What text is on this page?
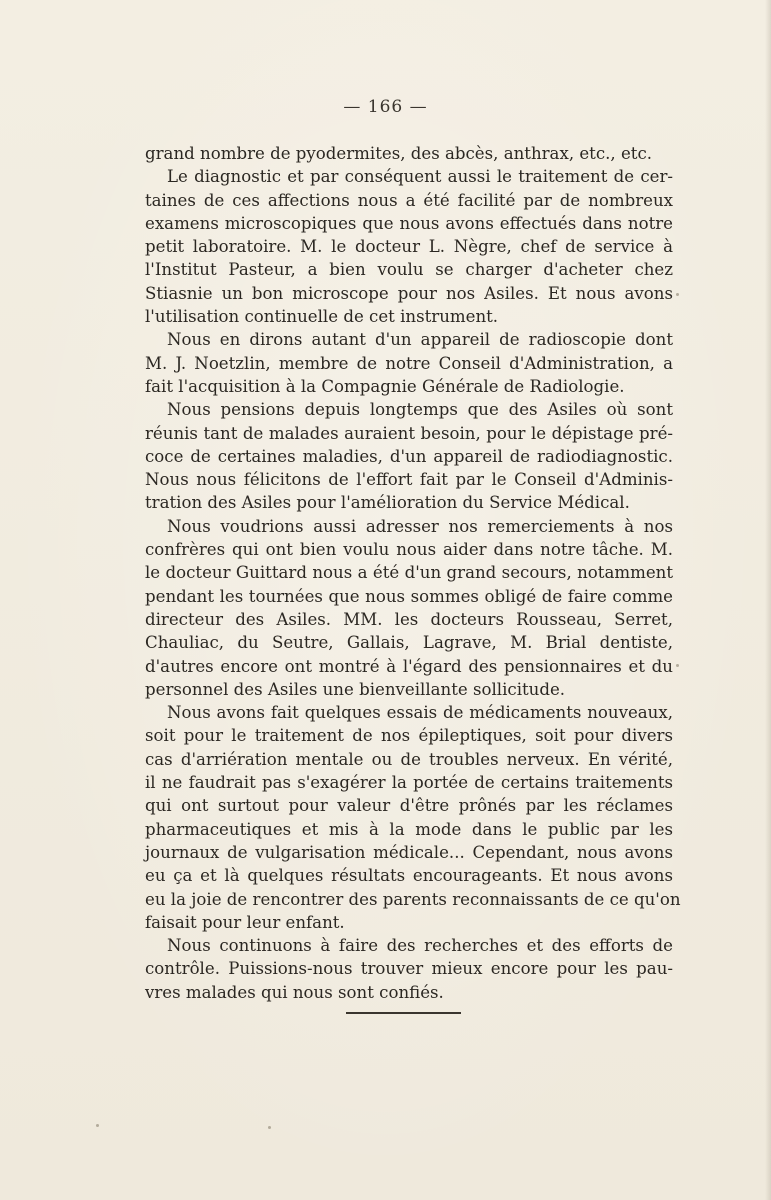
— 166 —
grand nombre de pyodermites, des abcès, anthrax, etc., etc.
Le diagnostic et par conséquent aussi le traitement de cer-
taines de ces affections nous a été facilité par de nombreux
examens microscopiques que nous avons effectués dans notre
petit laboratoire. M. le docteur L. Nègre, chef de service à
l'Institut Pasteur, a bien voulu se charger d'acheter chez
Stiasnie un bon microscope pour nos Asiles. Et nous avons
l'utilisation continuelle de cet instrument.
Nous en dirons autant d'un appareil de radioscopie dont
M. J. Noetzlin, membre de notre Conseil d'Administration, a
fait l'acquisition à la Compagnie Générale de Radiologie.
Nous pensions depuis longtemps que des Asiles où sont
réunis tant de malades auraient besoin, pour le dépistage pré-
coce de certaines maladies, d'un appareil de radiodiagnostic.
Nous nous félicitons de l'effort fait par le Conseil d'Adminis-
tration des Asiles pour l'amélioration du Service Médical.
Nous voudrions aussi adresser nos remerciements à nos
confrères qui ont bien voulu nous aider dans notre tâche. M.
le docteur Guittard nous a été d'un grand secours, notamment
pendant les tournées que nous sommes obligé de faire comme
directeur des Asiles. MM. les docteurs Rousseau, Serret,
Chauliac, du Seutre, Gallais, Lagrave, M. Brial dentiste,
d'autres encore ont montré à l'égard des pensionnaires et du
personnel des Asiles une bienveillante sollicitude.
Nous avons fait quelques essais de médicaments nouveaux,
soit pour le traitement de nos épileptiques, soit pour divers
cas d'arriération mentale ou de troubles nerveux. En vérité,
il ne faudrait pas s'exagérer la portée de certains traitements
qui ont surtout pour valeur d'être prônés par les réclames
pharmaceutiques et mis à la mode dans le public par les
journaux de vulgarisation médicale... Cependant, nous avons
eu ça et là quelques résultats encourageants. Et nous avons
eu la joie de rencontrer des parents reconnaissants de ce qu'on
faisait pour leur enfant.
Nous continuons à faire des recherches et des efforts de
contrôle. Puissions-nous trouver mieux encore pour les pau-
vres malades qui nous sont confiés.
